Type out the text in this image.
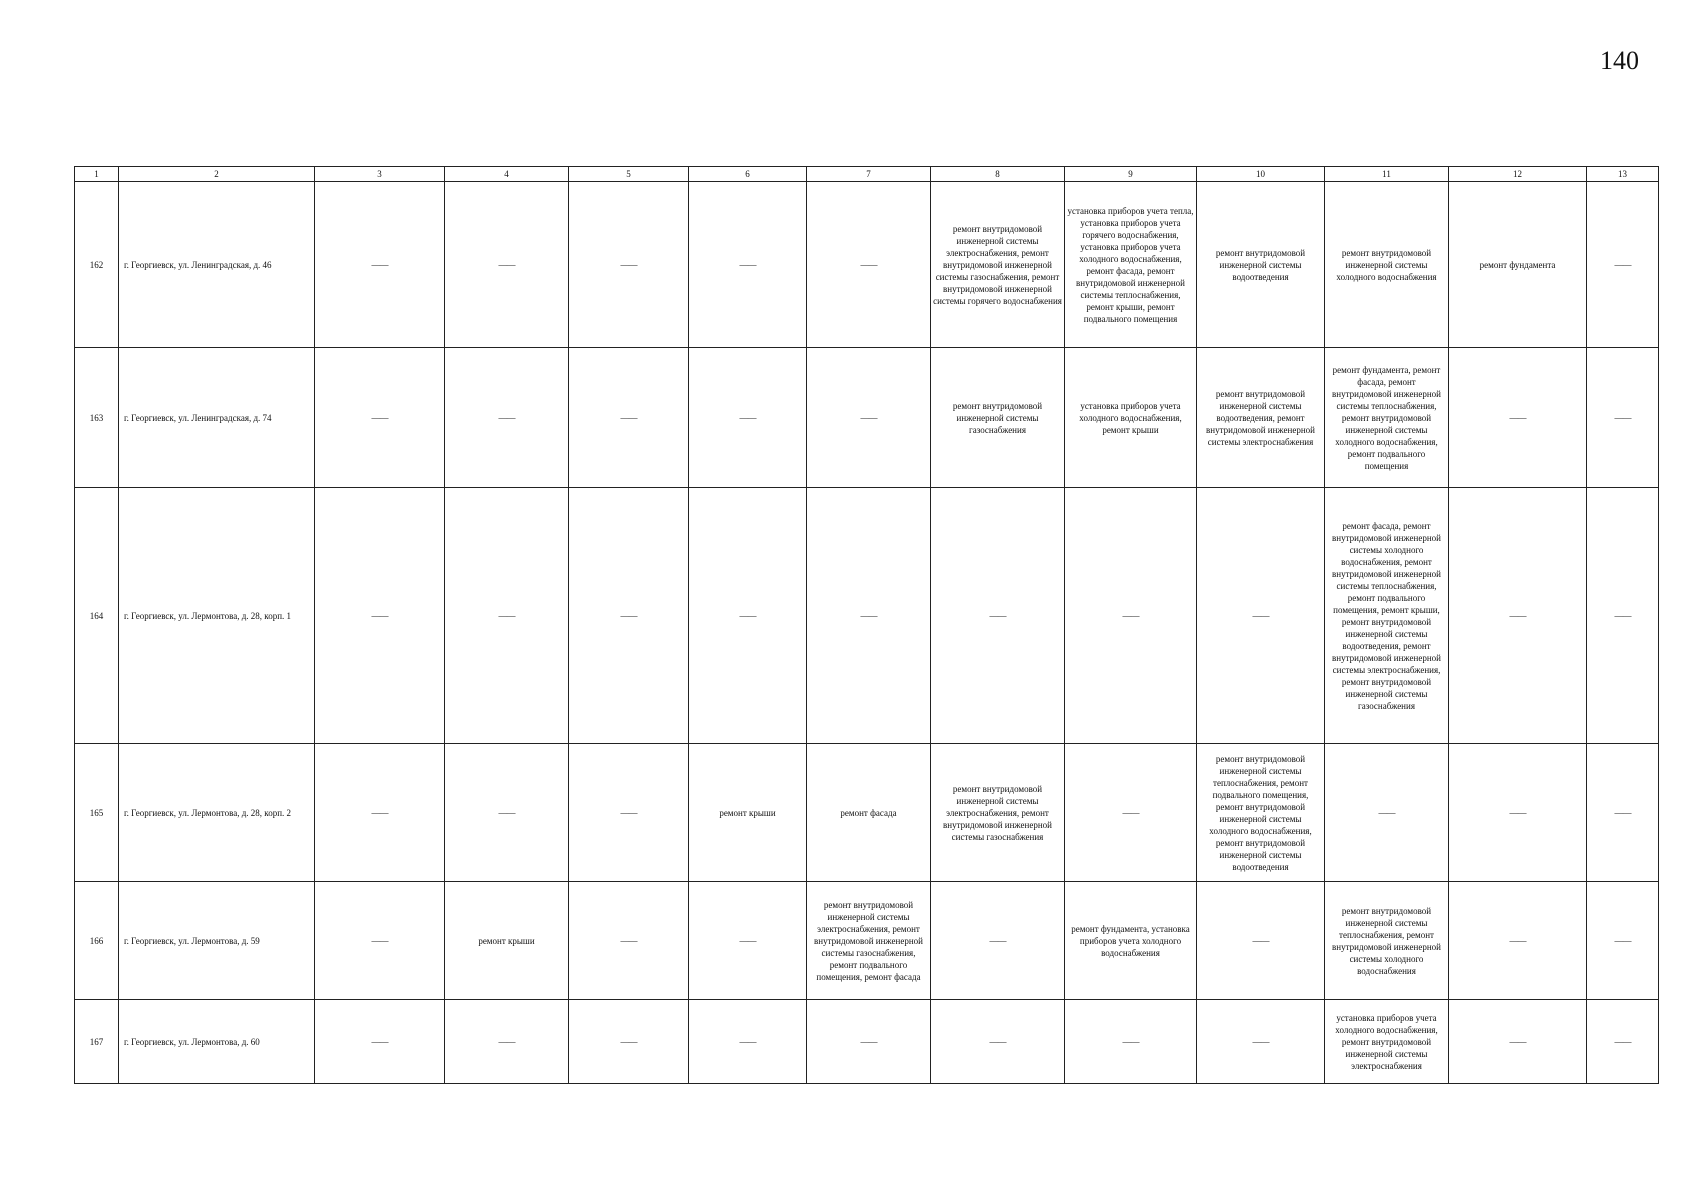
140
1	2	3	4	5	6	7	8	9	10	11	12	13
162	г. Георгиевск, ул. Ленинградская, д. 46	——	——	——	——	——	ремонт внутридомовой инженерной системы электроснабжения, ремонт внутридомовой инженерной системы газоснабжения, ремонт внутридомовой инженерной системы горячего водоснабжения	установка приборов учета тепла, установка приборов учета горячего водоснабжения, установка приборов учета холодного водоснабжения, ремонт фасада, ремонт внутридомовой инженерной системы теплоснабжения, ремонт крыши, ремонт подвального помещения	ремонт внутридомовой инженерной системы водоотведения	ремонт внутридомовой инженерной системы холодного водоснабжения	ремонт фундамента	——
163	г. Георгиевск, ул. Ленинградская, д. 74	——	——	——	——	——	ремонт внутридомовой инженерной системы газоснабжения	установка приборов учета холодного водоснабжения, ремонт крыши	ремонт внутридомовой инженерной системы водоотведения, ремонт внутридомовой инженерной системы электроснабжения	ремонт фундамента, ремонт фасада, ремонт внутридомовой инженерной системы теплоснабжения, ремонт внутридомовой инженерной системы холодного водоснабжения, ремонт подвального помещения	——	——
164	г. Георгиевск, ул. Лермонтова, д. 28, корп. 1	——	——	——	——	——	——	——	——	ремонт фасада, ремонт внутридомовой инженерной системы холодного водоснабжения, ремонт внутридомовой инженерной системы теплоснабжения, ремонт подвального помещения, ремонт крыши, ремонт внутридомовой инженерной системы водоотведения, ремонт внутридомовой инженерной системы электроснабжения, ремонт внутридомовой инженерной системы газоснабжения	——	——
165	г. Георгиевск, ул. Лермонтова, д. 28, корп. 2	——	——	——	ремонт крыши	ремонт фасада	ремонт внутридомовой инженерной системы электроснабжения, ремонт внутридомовой инженерной системы газоснабжения	——	ремонт внутридомовой инженерной системы теплоснабжения, ремонт подвального помещения, ремонт внутридомовой инженерной системы холодного водоснабжения, ремонт внутридомовой инженерной системы водоотведения	——	——	——
166	г. Георгиевск, ул. Лермонтова, д. 59	——	ремонт крыши	——	——	ремонт внутридомовой инженерной системы электроснабжения, ремонт внутридомовой инженерной системы газоснабжения, ремонт подвального помещения, ремонт фасада	——	ремонт фундамента, установка приборов учета холодного водоснабжения	——	ремонт внутридомовой инженерной системы теплоснабжения, ремонт внутридомовой инженерной системы холодного водоснабжения	——	——
167	г. Георгиевск, ул. Лермонтова, д. 60	——	——	——	——	——	——	——	——	установка приборов учета холодного водоснабжения, ремонт внутридомовой инженерной системы электроснабжения	——	——
